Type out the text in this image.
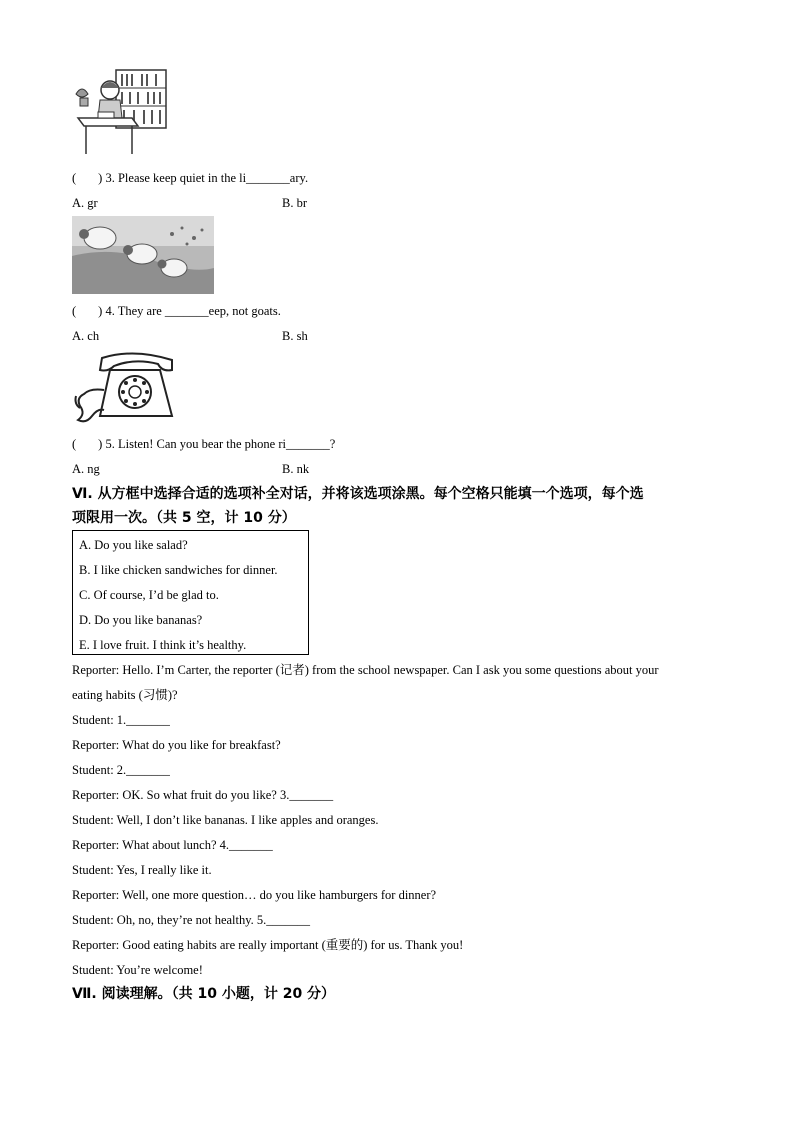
( ) 3. Please keep quiet in the li_______ary.
A. gr	B. br
( ) 4. They are _______eep, not goats.
A. ch	B. sh
( ) 5. Listen! Can you bear the phone ri_______?
A. ng	B. nk
Ⅵ. 从方框中选择合适的选项补全对话，并将该选项涂黑。每个空格只能填一个选项，每个选
项限用一次。（共 5 空，计 10 分）
A. Do you like salad?
B. I like chicken sandwiches for dinner.
C. Of course, I’d be glad to.
D. Do you like bananas?
E. I love fruit. I think it’s healthy.
Reporter: Hello. I’m Carter, the reporter (记者) from the school newspaper. Can I ask you some questions about your
eating habits (习惯)?
Student: 1._______
Reporter: What do you like for breakfast?
Student: 2._______
Reporter: OK. So what fruit do you like? 3._______
Student: Well, I don’t like bananas. I like apples and oranges.
Reporter: What about lunch? 4._______
Student: Yes, I really like it.
Reporter: Well, one more question… do you like hamburgers for dinner?
Student: Oh, no, they’re not healthy. 5._______
Reporter: Good eating habits are really important (重要的) for us. Thank you!
Student: You’re welcome!
Ⅶ. 阅读理解。（共 10 小题，计 20 分）
